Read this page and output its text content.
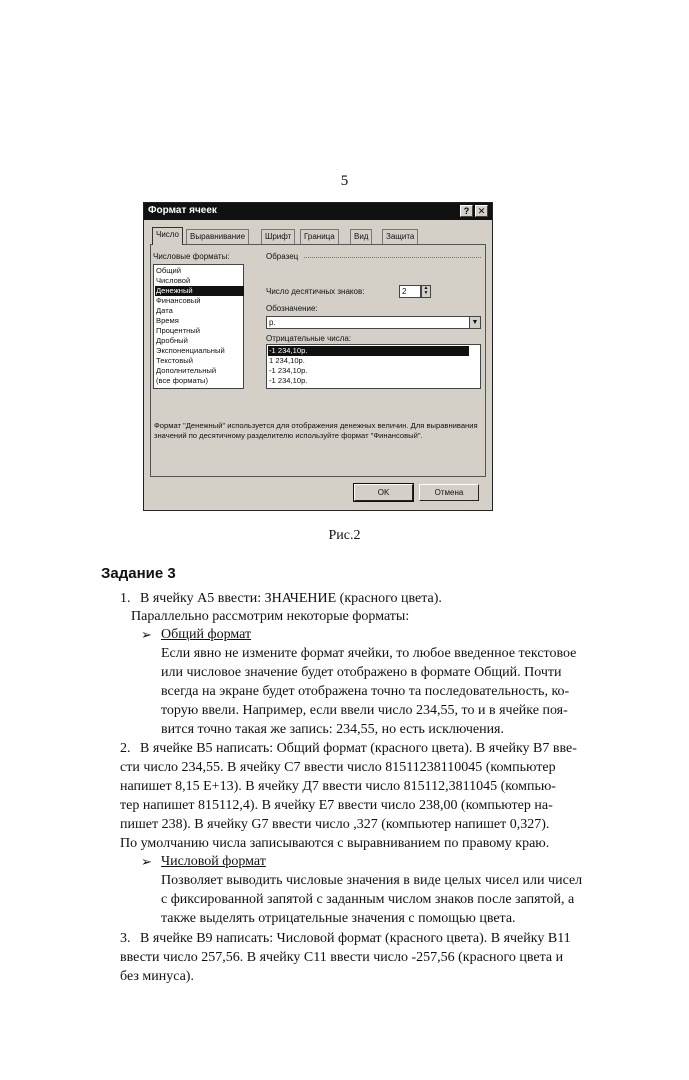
5
Формат ячеек	? ✕
Число	Выравнивание	Шрифт	Граница	Вид	Защита
Числовые форматы:
Общий
Числовой
Денежный
Финансовый
Дата
Время
Процентный
Дробный
Экспоненциальный
Текстовый
Дополнительный
(все форматы)
Образец
Число десятичных знаков:	2	▲
▼
Обозначение:
р.	▼
Отрицательные числа:
-1 234,10р.
1 234,10р.
-1 234,10р.
-1 234,10р.
Формат "Денежный" используется для отображения денежных величин. Для выравнивания значений по десятичному разделителю используйте формат "Финансовый".
OK	Отмена
Рис.2
Задание 3
1. В ячейку А5 ввести: ЗНАЧЕНИЕ (красного цвета).
Параллельно рассмотрим некоторые форматы:
➢ Общий формат
Если явно не измените формат ячейки, то любое введенное текстовое
или числовое значение будет отображено в формате Общий. Почти
всегда на экране будет отображена точно та последовательность, ко-
торую ввели. Например, если ввели число 234,55, то и в ячейке поя-
вится точно такая же запись: 234,55, но есть исключения.
2. В ячейке В5 написать: Общий формат (красного цвета). В ячейку В7 вве-
сти число 234,55. В ячейку С7 ввести число 81511238110045 (компьютер
напишет 8,15 Е+13). В ячейку Д7 ввести число 815112,3811045 (компью-
тер напишет 815112,4). В ячейку Е7 ввести число 238,00 (компьютер на-
пишет 238). В ячейку G7 ввести число ,327 (компьютер напишет 0,327).
По умолчанию числа записываются с выравниванием по правому краю.
➢ Числовой формат
Позволяет выводить числовые значения в виде целых чисел или чисел
с фиксированной запятой с заданным числом знаков после запятой, а
также выделять отрицательные значения с помощью цвета.
3. В ячейке В9 написать: Числовой формат (красного цвета). В ячейку В11
ввести число 257,56. В ячейку С11 ввести число -257,56 (красного цвета и
без минуса).
